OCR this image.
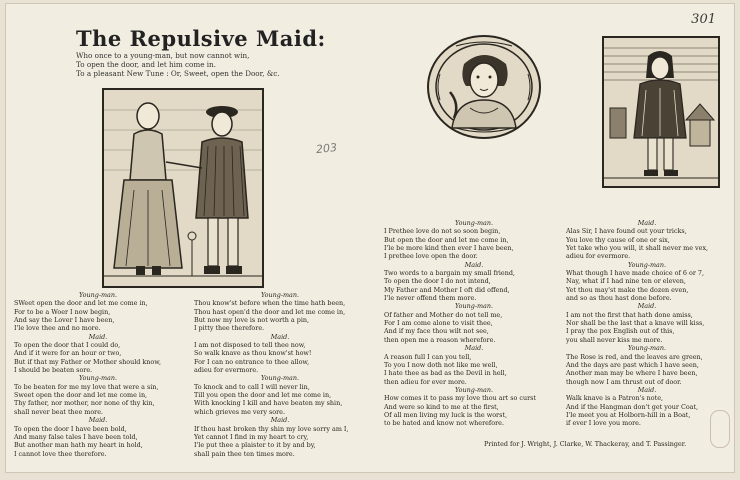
The Repulsive Maid:
Who once to a young-man, but now cannot win,
To open the door, and let him come in.
To a pleasant New Tune : Or, Sweet, open the Door, &c.
301
203
Young-man.
SWeet open the door and let me come in,
For to be a Woer I now begin,
And say the Lover I have been,
I'le love thee and no more.
Maid.
To open the door that I could do,
And if it were for an hour or two,
But if that my Father or Mother should know,
I should be beaten sore.
Young-man.
To be beaten for me my love that were a sin,
Sweet open the door and let me come in,
Thy father, nor mother, nor none of thy kin,
shall never beat thee more.
Maid.
To open the door I have been bold,
And many false tales I have been told,
But another man hath my heart in hold,
I cannot love thee therefore.
Young-man.
Thou know'st before when the time hath been,
Thou hast open'd the door and let me come in,
But now my love is not worth a pin,
I pitty thee therefore.
Maid.
I am not disposed to tell thee now,
So walk knave as thou know'st how!
For I can no entrance to thee allow,
adieu for evermore.
Young-man.
To knock and to call I will never lin,
Till you open the door and let me come in,
With knocking I kill and have beaten my shin,
which grieves me very sore.
Maid.
If thou hast broken thy shin my love sorry am I,
Yet cannot I find in my heart to cry,
I'le put thee a plaister to it by and by,
shall pain thee ten times more.
Young-man.
I Prethee love do not so soon begin,
But open the door and let me come in,
I'le be more kind then ever I have been,
I prethee love open the door.
Maid.
Two words to a bargain my small friend,
To open the door I do not intend,
My Father and Mother I oft did offend,
I'le never offend them more.
Young-man.
Of father and Mother do not tell me,
For I am come alone to visit thee,
And if my face thou wilt not see,
then open me a reason wherefore.
Maid.
A reason full I can you tell,
To you I now doth not like me well,
I hate thee as bad as the Devil in hell,
then adieu for ever more.
Young-man.
How comes it to pass my love thou art so curst
And were so kind to me at the first,
Of all men living my luck is the worst,
to be hated and know not wherefore.
Maid.
Alas Sir, I have found out your tricks,
You love thy cause of one or six,
Yet take who you will, it shall never me vex,
adieu for evermore.
Young-man.
What though I have made choice of 6 or 7,
Nay, what if I had nine ten or eleven,
Yet thou may'st make the dozen even,
and so as thou hast done before.
Maid.
I am not the first that hath done amiss,
Nor shall be the last that a knave will kiss,
I pray the pox English out of this,
you shall never kiss me more.
Young-man.
The Rose is red, and the leaves are green,
And the days are past which I have seen,
Another man may be where I have been,
though now I am thrust out of door.
Maid.
Walk knave is a Patron's note,
And if the Hangman don't get your Coat,
I'le meet you at Holborn-hill in a Boat,
if ever I love you more.
Printed for J. Wright, J. Clarke, W. Thackeray, and T. Passinger.
